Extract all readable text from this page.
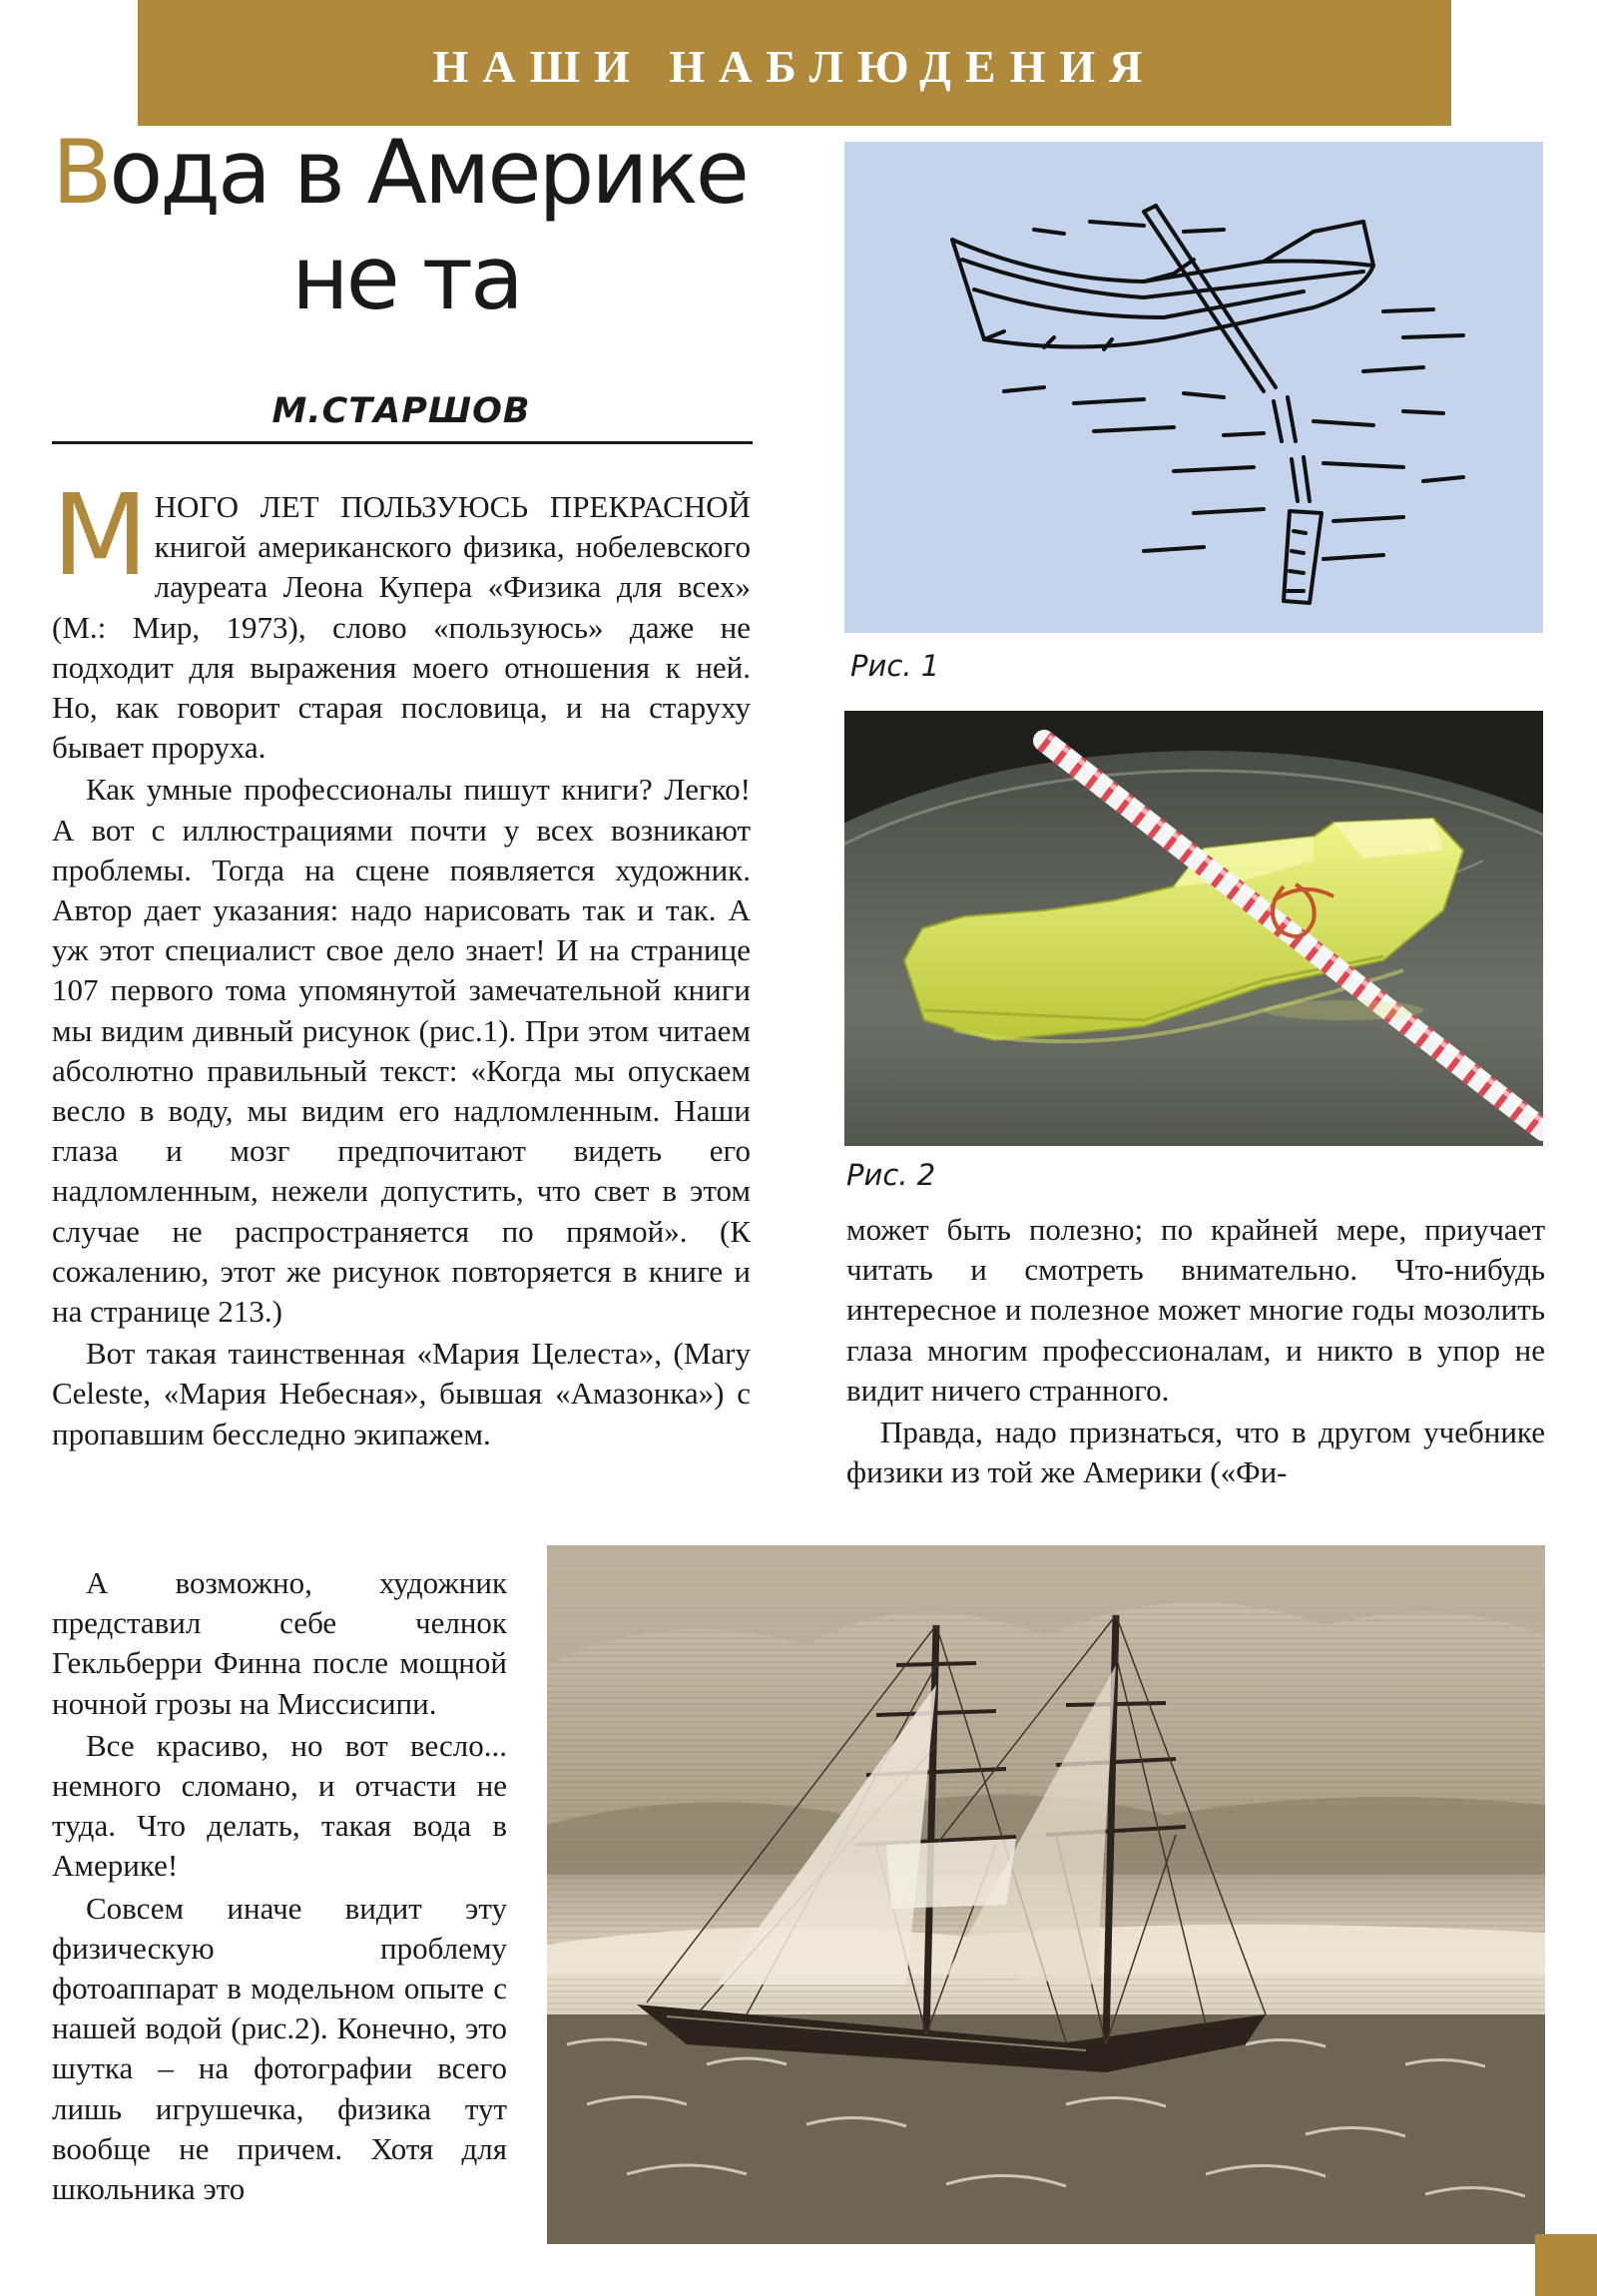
НАШИ НАБЛЮДЕНИЯ
Вода в Америке
не та
М.СТАРШОВ

МНОГО ЛЕТ ПОЛЬЗУЮСЬ ПРЕКРАСНОЙ книгой американского физика, нобелевского лауреата Леона Купера «Физика для всех» (М.: Мир, 1973), слово «пользуюсь» даже не подходит для выражения моего отношения к ней. Но, как говорит старая пословица, и на старуху бывает проруха.

Как умные профессионалы пишут книги? Легко! А вот с иллюстрациями почти у всех возникают проблемы. Тогда на сцене появляется художник. Автор дает указания: надо нарисовать так и так. А уж этот специалист свое дело знает! И на странице 107 первого тома упомянутой замечательной книги мы видим дивный рисунок (рис.1). При этом читаем абсолютно правильный текст: «Когда мы опускаем весло в воду, мы видим его надломленным. Наши глаза и мозг предпочитают видеть его надломленным, нежели допустить, что свет в этом случае не распространяется по прямой». (К сожалению, этот же рисунок повторяется в книге и на странице 213.)

Вот такая таинственная «Мария Целеста», (Mary Celeste, «Мария Небесная», бывшая «Амазонка») с пропавшим бесследно экипажем.

Рис. 1
Рис. 2

может быть полезно; по крайней мере, приучает читать и смотреть внимательно. Что-нибудь интересное и полезное может многие годы мозолить глаза многим профессионалам, и никто в упор не видит ничего странного.

Правда, надо признаться, что в другом учебнике физики из той же Америки («Фи-

А возможно, художник представил себе челнок Гекльберри Финна после мощной ночной грозы на Миссисипи.

Все красиво, но вот весло... немного сломано, и отчасти не туда. Что делать, такая вода в Америке!

Совсем иначе видит эту физическую проблему фотоаппарат в модельном опыте с нашей водой (рис.2). Конечно, это шутка – на фотографии всего лишь игрушечка, физика тут вообще не причем. Хотя для школьника это
